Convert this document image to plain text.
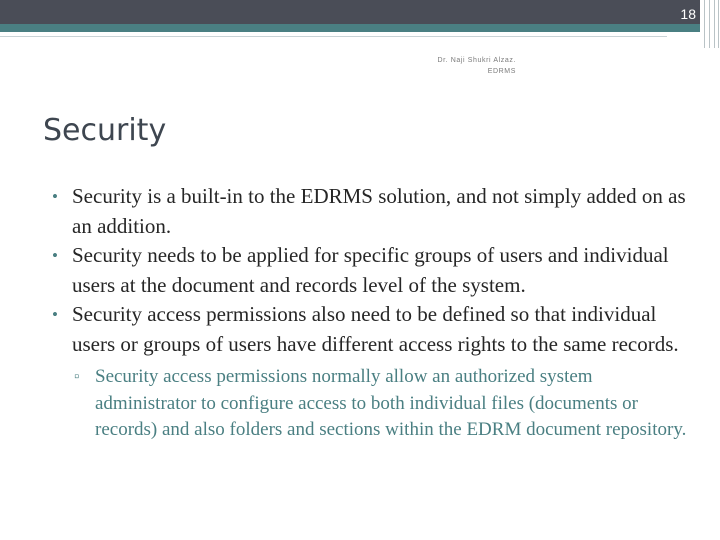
18
Dr. Naji Shukri Alzaz.
EDRMS
Security
• Security is a built-in to the EDRMS solution, and not simply added on as an addition.
• Security needs to be applied for specific groups of users and individual users at the document and records level of the system.
• Security access permissions also need to be defined so that individual users or groups of users have different access rights to the same records.
▫ Security access permissions normally allow an authorized system administrator to configure access to both individual files (documents or records) and also folders and sections within the EDRM document repository.
